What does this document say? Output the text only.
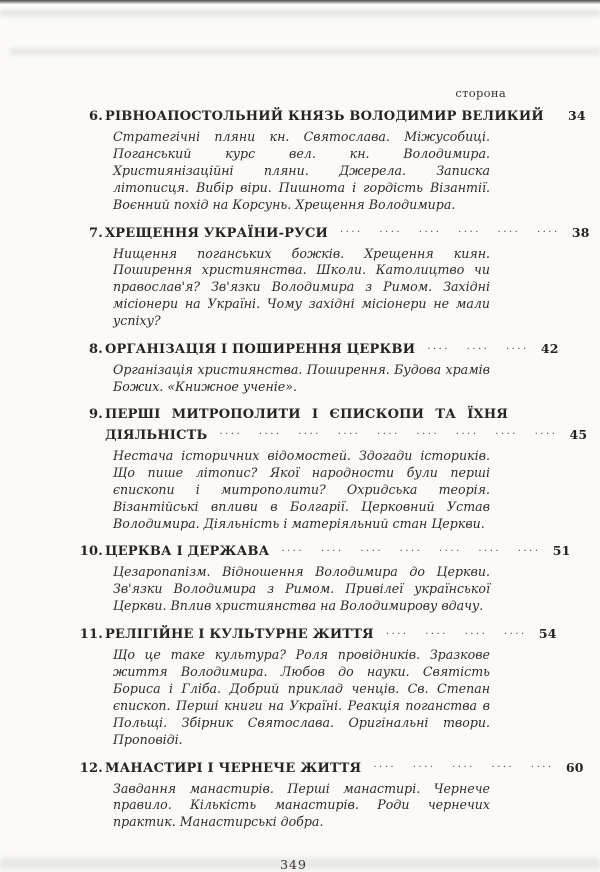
сторона
6. РІВНОАПОСТОЛЬНИЙ КНЯЗЬ ВОЛОДИМИР ВЕЛИКИЙ	34

Стратегічні пляни кн. Святослава. Міжусобиці. Поганський курс вел. кн. Володимира. Християнізаційні пляни. Джерела. Записка літописця. Вибір віри. Пишнота і гордість Візантії. Воєнний похід на Корсунь. Хрещення Володимира.

7. ХРЕЩЕННЯ УКРАЇНИ-РУСИ	.... .... .... .... .... .... 38

Нищення поганських божків. Хрещення киян. Поширення християнства. Школи. Католицтво чи православ'я? Зв'язки Володимира з Римом. Західні місіонери на Україні. Чому західні місіонери не мали успіху?

8. ОРГАНІЗАЦІЯ І ПОШИРЕННЯ ЦЕРКВИ	.... .... .... 42

Організація християнства. Поширення. Будова храмів Божих. «Книжное ученіе».

9. ПЕРШІ МИТРОПОЛИТИ І ЄПИСКОПИ ТА ЇХНЯ
ДІЯЛЬНІСТЬ	.... .... .... .... .... .... .... .... .... 45

Нестача історичних відомостей. Здогади істориків. Що пише літопис? Якої народности були перші єпископи і митрополити? Охридська теорія. Візантійські впливи в Болгарії. Церковний Устав Володимира. Діяльність і матеріяльний стан Церкви.

10. ЦЕРКВА І ДЕРЖАВА	.... .... .... .... .... .... .... 51

Цезаропапізм. Відношення Володимира до Церкви. Зв'язки Володимира з Римом. Привілеї української Церкви. Вплив християнства на Володимирову вдачу.

11. РЕЛІГІЙНЕ І КУЛЬТУРНЕ ЖИТТЯ	.... .... .... .... 54

Що це таке культура? Роля провідників. Зразкове життя Володимира. Любов до науки. Святість Бориса і Гліба. Добрий приклад ченців. Св. Степан єпископ. Перші книги на Україні. Реакція поганства в Польщі. Збірник Святослава. Оригінальні твори. Проповіді.

12. МАНАСТИРІ І ЧЕРНЕЧЕ ЖИТТЯ	.... .... .... .... .... 60

Завдання манастирів. Перші манастирі. Чернече правило. Кількість манастирів. Роди чернечих практик. Манастирські добра.

349
